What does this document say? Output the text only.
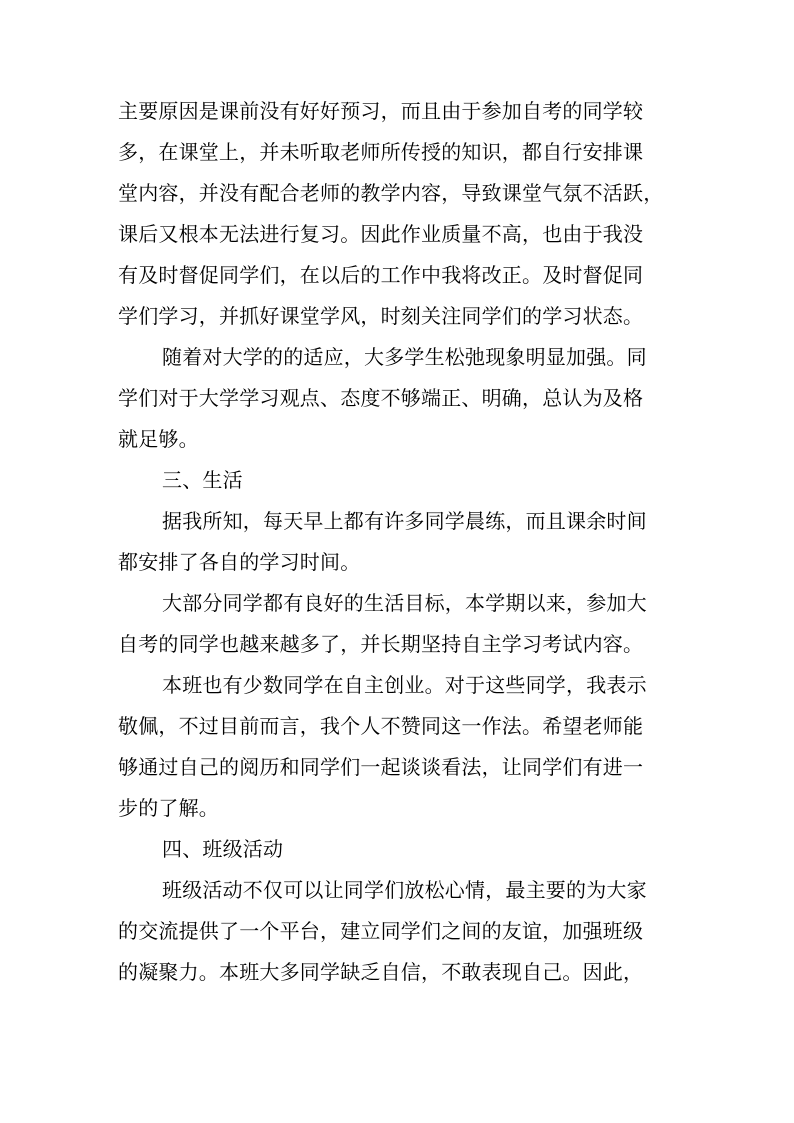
主要原因是课前没有好好预习，而且由于参加自考的同学较

多，在课堂上，并未听取老师所传授的知识，都自行安排课

堂内容，并没有配合老师的教学内容，导致课堂气氛不活跃，

课后又根本无法进行复习。因此作业质量不高，也由于我没

有及时督促同学们，在以后的工作中我将改正。及时督促同

学们学习，并抓好课堂学风，时刻关注同学们的学习状态。

随着对大学的的适应，大多学生松弛现象明显加强。同

学们对于大学学习观点、态度不够端正、明确，总认为及格

就足够。

三、生活

据我所知，每天早上都有许多同学晨练，而且课余时间

都安排了各自的学习时间。

大部分同学都有良好的生活目标，本学期以来，参加大

自考的同学也越来越多了，并长期坚持自主学习考试内容。

本班也有少数同学在自主创业。对于这些同学，我表示

敬佩，不过目前而言，我个人不赞同这一作法。希望老师能

够通过自己的阅历和同学们一起谈谈看法，让同学们有进一

步的了解。

四、班级活动

班级活动不仅可以让同学们放松心情，最主要的为大家

的交流提供了一个平台，建立同学们之间的友谊，加强班级

的凝聚力。本班大多同学缺乏自信，不敢表现自己。因此，
